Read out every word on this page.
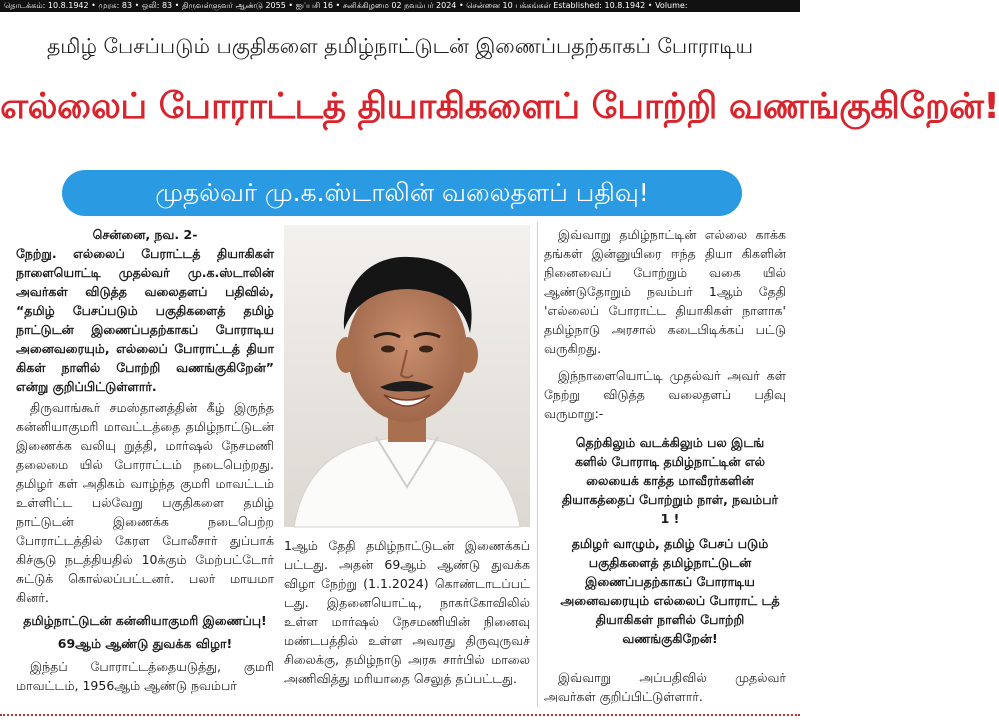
தொடக்கம்: 10.8.1942 • முரசு: 83 • ஒலி: 83 • திருவள்ளுவர் ஆண்டு 2055 • ஐப்பசி 16 • சனிக்கிழமை 02 நவம்பர் 2024 • சென்னை 10 பக்கங்கள் Established: 10.8.1942 • Volume:
தமிழ் பேசப்படும் பகுதிகளை தமிழ்நாட்டுடன் இணைப்பதற்காகப் போராடிய
எல்லைப் போராட்டத் தியாகிகளைப் போற்றி வணங்குகிறேன்!
முதல்வர் மு.க.ஸ்டாலின் வலைதளப் பதிவு!

சென்னை, நவ. 2-

நேற்று. எல்லைப் பேராட்டத் தியாகிகள் நாளையொட்டி முதல்வர் மு.க.ஸ்டாலின் அவர்கள் விடுத்த வலைதளப் பதிவில், “தமிழ் பேசப்படும் பகுதிகளைத் தமிழ் நாட்டுடன் இணைப்பதற்காகப் போராடிய அனைவரையும், எல்லைப் போராட்டத் தியா கிகள் நாளில் போற்றி வணங்குகிறேன்” என்று குறிப்பிட்டுள்ளார்.

திருவாங்கூர் சமஸ்தானத்தின் கீழ் இருந்த கன்னியாகுமரி மாவட்டத்தை தமிழ்நாட்டுடன் இணைக்க வலியு றுத்தி, மார்ஷல் நேசமணி தலைமை யில் போராட்டம் நடைபெற்றது. தமிழர் கள் அதிகம் வாழ்ந்த குமரி மாவட்டம் உள்ளிட்ட பல்வேறு பகுதிகளை தமிழ் நாட்டுடன் இணைக்க நடைபெற்ற போராட்டத்தில் கேரள போலீசார் துப்பாக் கிச்சூடு நடத்தியதில் 10க்கும் மேற்பட்டோர் சுட்டுக் கொல்லப்பட்டனர். பலர் மாயமா கினர்.

தமிழ்நாட்டுடன் கன்னியாகுமரி இணைப்பு!

69ஆம் ஆண்டு துவக்க விழா!

இந்தப் போராட்டத்தையடுத்து, குமரி மாவட்டம், 1956ஆம் ஆண்டு நவம்பர்

1ஆம் தேதி தமிழ்நாட்டுடன் இணைக்கப் பட்டது. அதன் 69ஆம் ஆண்டு துவக்க விழா நேற்று (1.1.2024) கொண்டாடப்பட் டது. இதனையொட்டி, நாகர்கோவிலில் உள்ள மார்ஷல் நேசமணியின் நினைவு மண்டபத்தில் உள்ள அவரது திருவுருவச் சிலைக்கு, தமிழ்நாடு அரசு சார்பில் மாலை அணிவித்து மரியாதை செலுத் தப்பட்டது.

இவ்வாறு தமிழ்நாட்டின் எல்லை காக்க தங்கள் இன்னுயிரை ஈந்த தியா கிகளின் நினைவைப் போற்றும் வகை யில் ஆண்டுதோறும் நவம்பர் 1ஆம் தேதி 'எல்லைப் போராட்ட தியாகிகள் நாளாக' தமிழ்நாடு அரசால் கடைபிடிக்கப் பட்டு வருகிறது.

இந்நாளையொட்டி முதல்வர் அவர் கள் நேற்று விடுத்த வலைதளப் பதிவு வருமாறு:-

தெற்கிலும் வடக்கிலும் பல இடங் களில் போராடி தமிழ்நாட்டின் எல் லையைக் காத்த மாவீரர்களின் தியாகத்தைப் போற்றும் நாள், நவம்பர் 1 !

தமிழர் வாழும், தமிழ் பேசப் படும் பகுதிகளைத் தமிழ்நாட்டுடன் இணைப்பதற்காகப் போராடிய அனைவரையும் எல்லைப் போராட் டத் தியாகிகள் நாளில் போற்றி வணங்குகிறேன்!

இவ்வாறு அப்பதிவில் முதல்வர் அவர்கள் குறிப்பிட்டுள்ளார்.
